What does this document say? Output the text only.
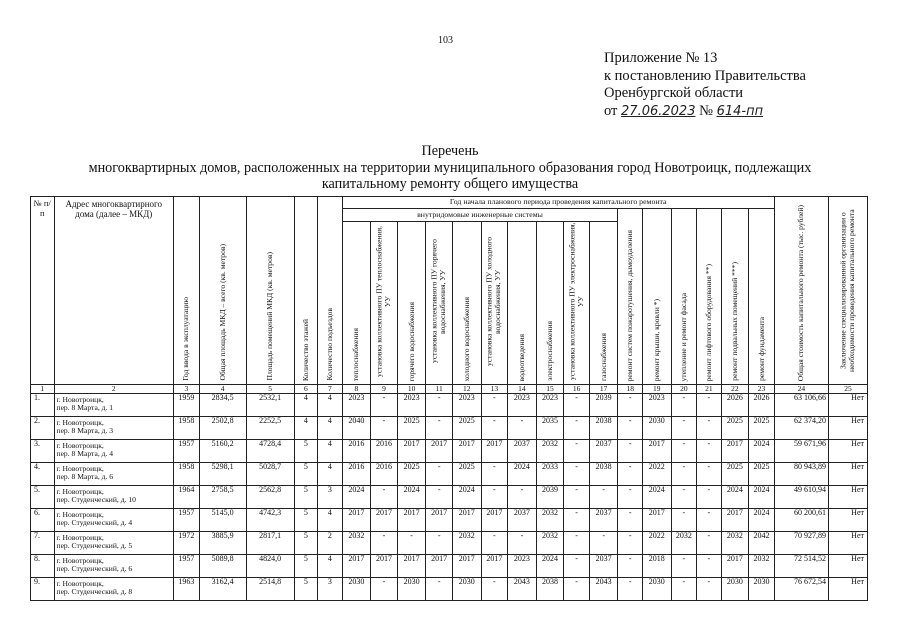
103
Приложение № 13
к постановлению Правительства
Оренбургской области
от 27.06.2023 № 614-пп
Перечень
многоквартирных домов, расположенных на территории муниципального образования город Новотроицк, подлежащих
капитальному ремонту общего имущества
№ п/п	Адрес многоквартирного дома (далее – МКД)	Год ввода в эксплуатацию	Общая площадь МКД – всего (кв. метров)	Площадь помещений МКД (кв. метров)	Количество этажей	Количество подъездов	Год начала планового периода проведения капитального ремонта																Общая стоимость капитального ремонта (тыс. рублей)	Заключение специализированной организации о необходимости проведения капитального ремонта

							внутридомовые инженерные системы										ремонт систем пожаротушения, дымоудаления	ремонт крыши, кровли *)	утепление и ремонт фасада	ремонт лифтового оборудования **)	ремонт подвальных помещений ***)	ремонт фундамента		

							теплоснабжения	установка коллективного ПУ теплоснабжения, УУ	горячего водоснабжения	установка коллективного ПУ горячего водоснабжения, УУ	холодного водоснабжения	установка коллективного ПУ холодного водоснабжения, УУ	водоотведения	электроснабжения	установка коллективного ПУ электроснабжения, УУ	газоснабжения								

1	2	3	4	5	6	7	8	9	10	11	12	13	14	15	16	17	18	19	20	21	22	23	24	25
1.	г. Новотроицк,
пер. 8 Марта, д. 1	1959	2834,5	2532,1	4	4	2023	-	2023	-	2023	-	2023	2023	-	2039	-	2023	-	-	2026	2026	63 106,66	Нет
2.	г. Новотроицк,
пер. 8 Марта, д. 3	1958	2502,8	2252,5	4	4	2040	-	2025	-	2025	-	-	2035	-	2038	-	2030	-	-	2025	2025	62 374,20	Нет
3.	г. Новотроицк,
пер. 8 Марта, д. 4	1957	5160,2	4728,4	5	4	2016	2016	2017	2017	2017	2017	2037	2032	-	2037	-	2017	-	-	2017	2024	59 671,96	Нет
4.	г. Новотроицк,
пер. 8 Марта, д. 6	1958	5298,1	5028,7	5	4	2016	2016	2025	-	2025	-	2024	2033	-	2038	-	2022	-	-	2025	2025	80 943,89	Нет
5.	г. Новотроицк,
пер. Студенческий, д. 10	1964	2758,5	2562,8	5	3	2024	-	2024	-	2024	-	-	2039	-	-	-	2024	-	-	2024	2024	49 610,94	Нет
6.	г. Новотроицк,
пер. Студенческий, д. 4	1957	5145,0	4742,3	5	4	2017	2017	2017	2017	2017	2017	2037	2032	-	2037	-	2017	-	-	2017	2024	60 200,61	Нет
7.	г. Новотроицк,
пер. Студенческий, д. 5	1972	3885,9	2817,1	5	2	2032	-	-	-	2032	-	-	2032	-	-	-	2022	2032	-	2032	2042	70 927,89	Нет
8.	г. Новотроицк,
пер. Студенческий, д. 6	1957	5089,8	4824,0	5	4	2017	2017	2017	2017	2017	2017	2023	2024	-	2037	-	2018	-	-	2017	2032	72 514,52	Нет
9.	г. Новотроицк,
пер. Студенческий, д. 8	1963	3162,4	2514,8	5	3	2030	-	2030	-	2030	-	2043	2038	-	2043	-	2030	-	-	2030	2030	76 672,54	Нет
